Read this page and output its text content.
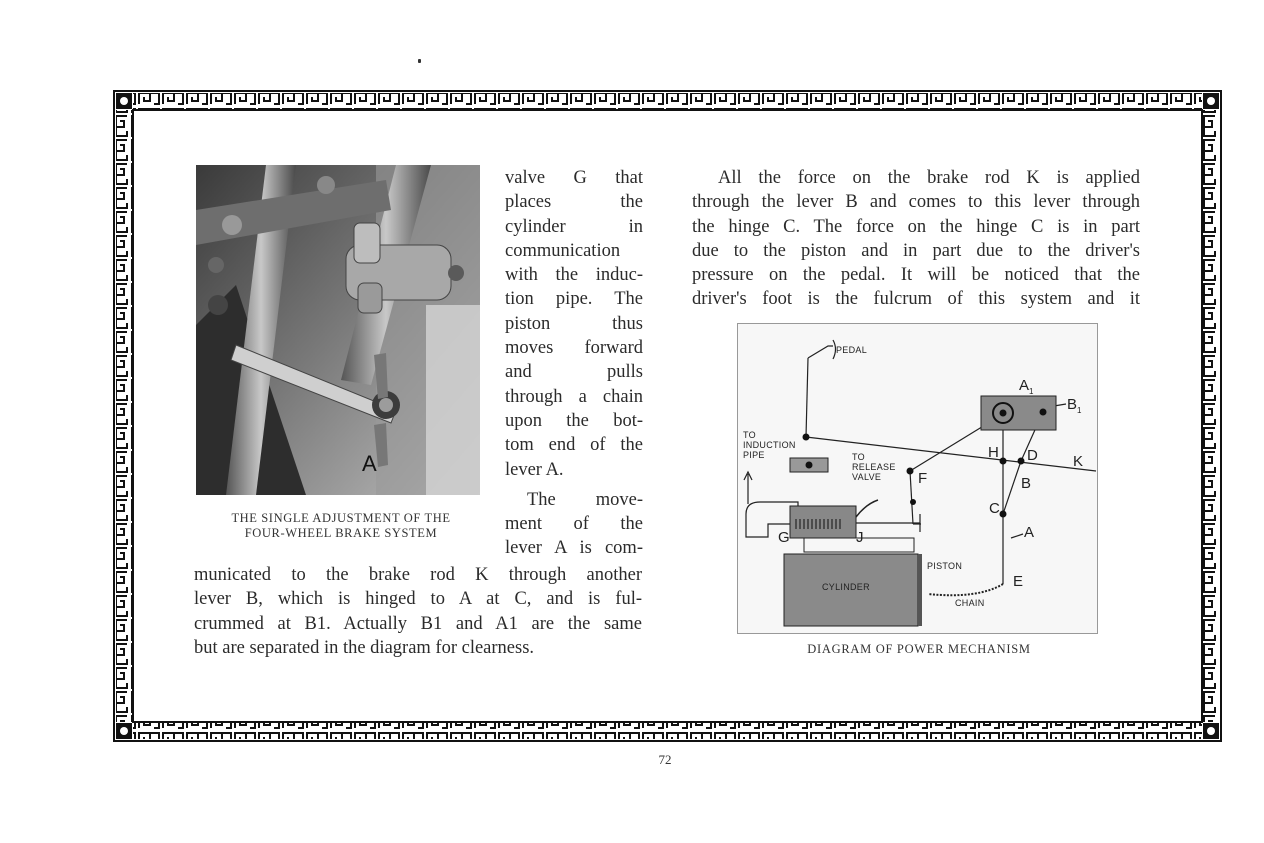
A
THE SINGLE ADJUSTMENT OF THE
FOUR-WHEEL BRAKE SYSTEM
valve G that
places the
cylinder in
communication
with the induc-
tion pipe. The
piston thus
moves forward
and pulls
through a chain
upon the bot-
tom end of the
lever A.
The move-
ment of the
lever A is com-
municated to the brake rod K through another
lever B, which is hinged to A at C, and is ful-
crummed at B1. Actually B1 and A1 are the same
but are separated in the diagram for clearness.
All the force on the brake rod K is applied
through the lever B and comes to this lever through
the hinge C. The force on the hinge C is in part
due to the piston and in part due to the driver's
pressure on the pedal. It will be noticed that the
driver's foot is the fulcrum of this system and it
PEDAL
TO
INDUCTION
PIPE	TO
RELEASE
VALVE
CYLINDER
PISTON
CHAIN
$A_1$
$B_1$
H D K
F	B
C
A
E
G	J
DIAGRAM OF POWER MECHANISM
72
